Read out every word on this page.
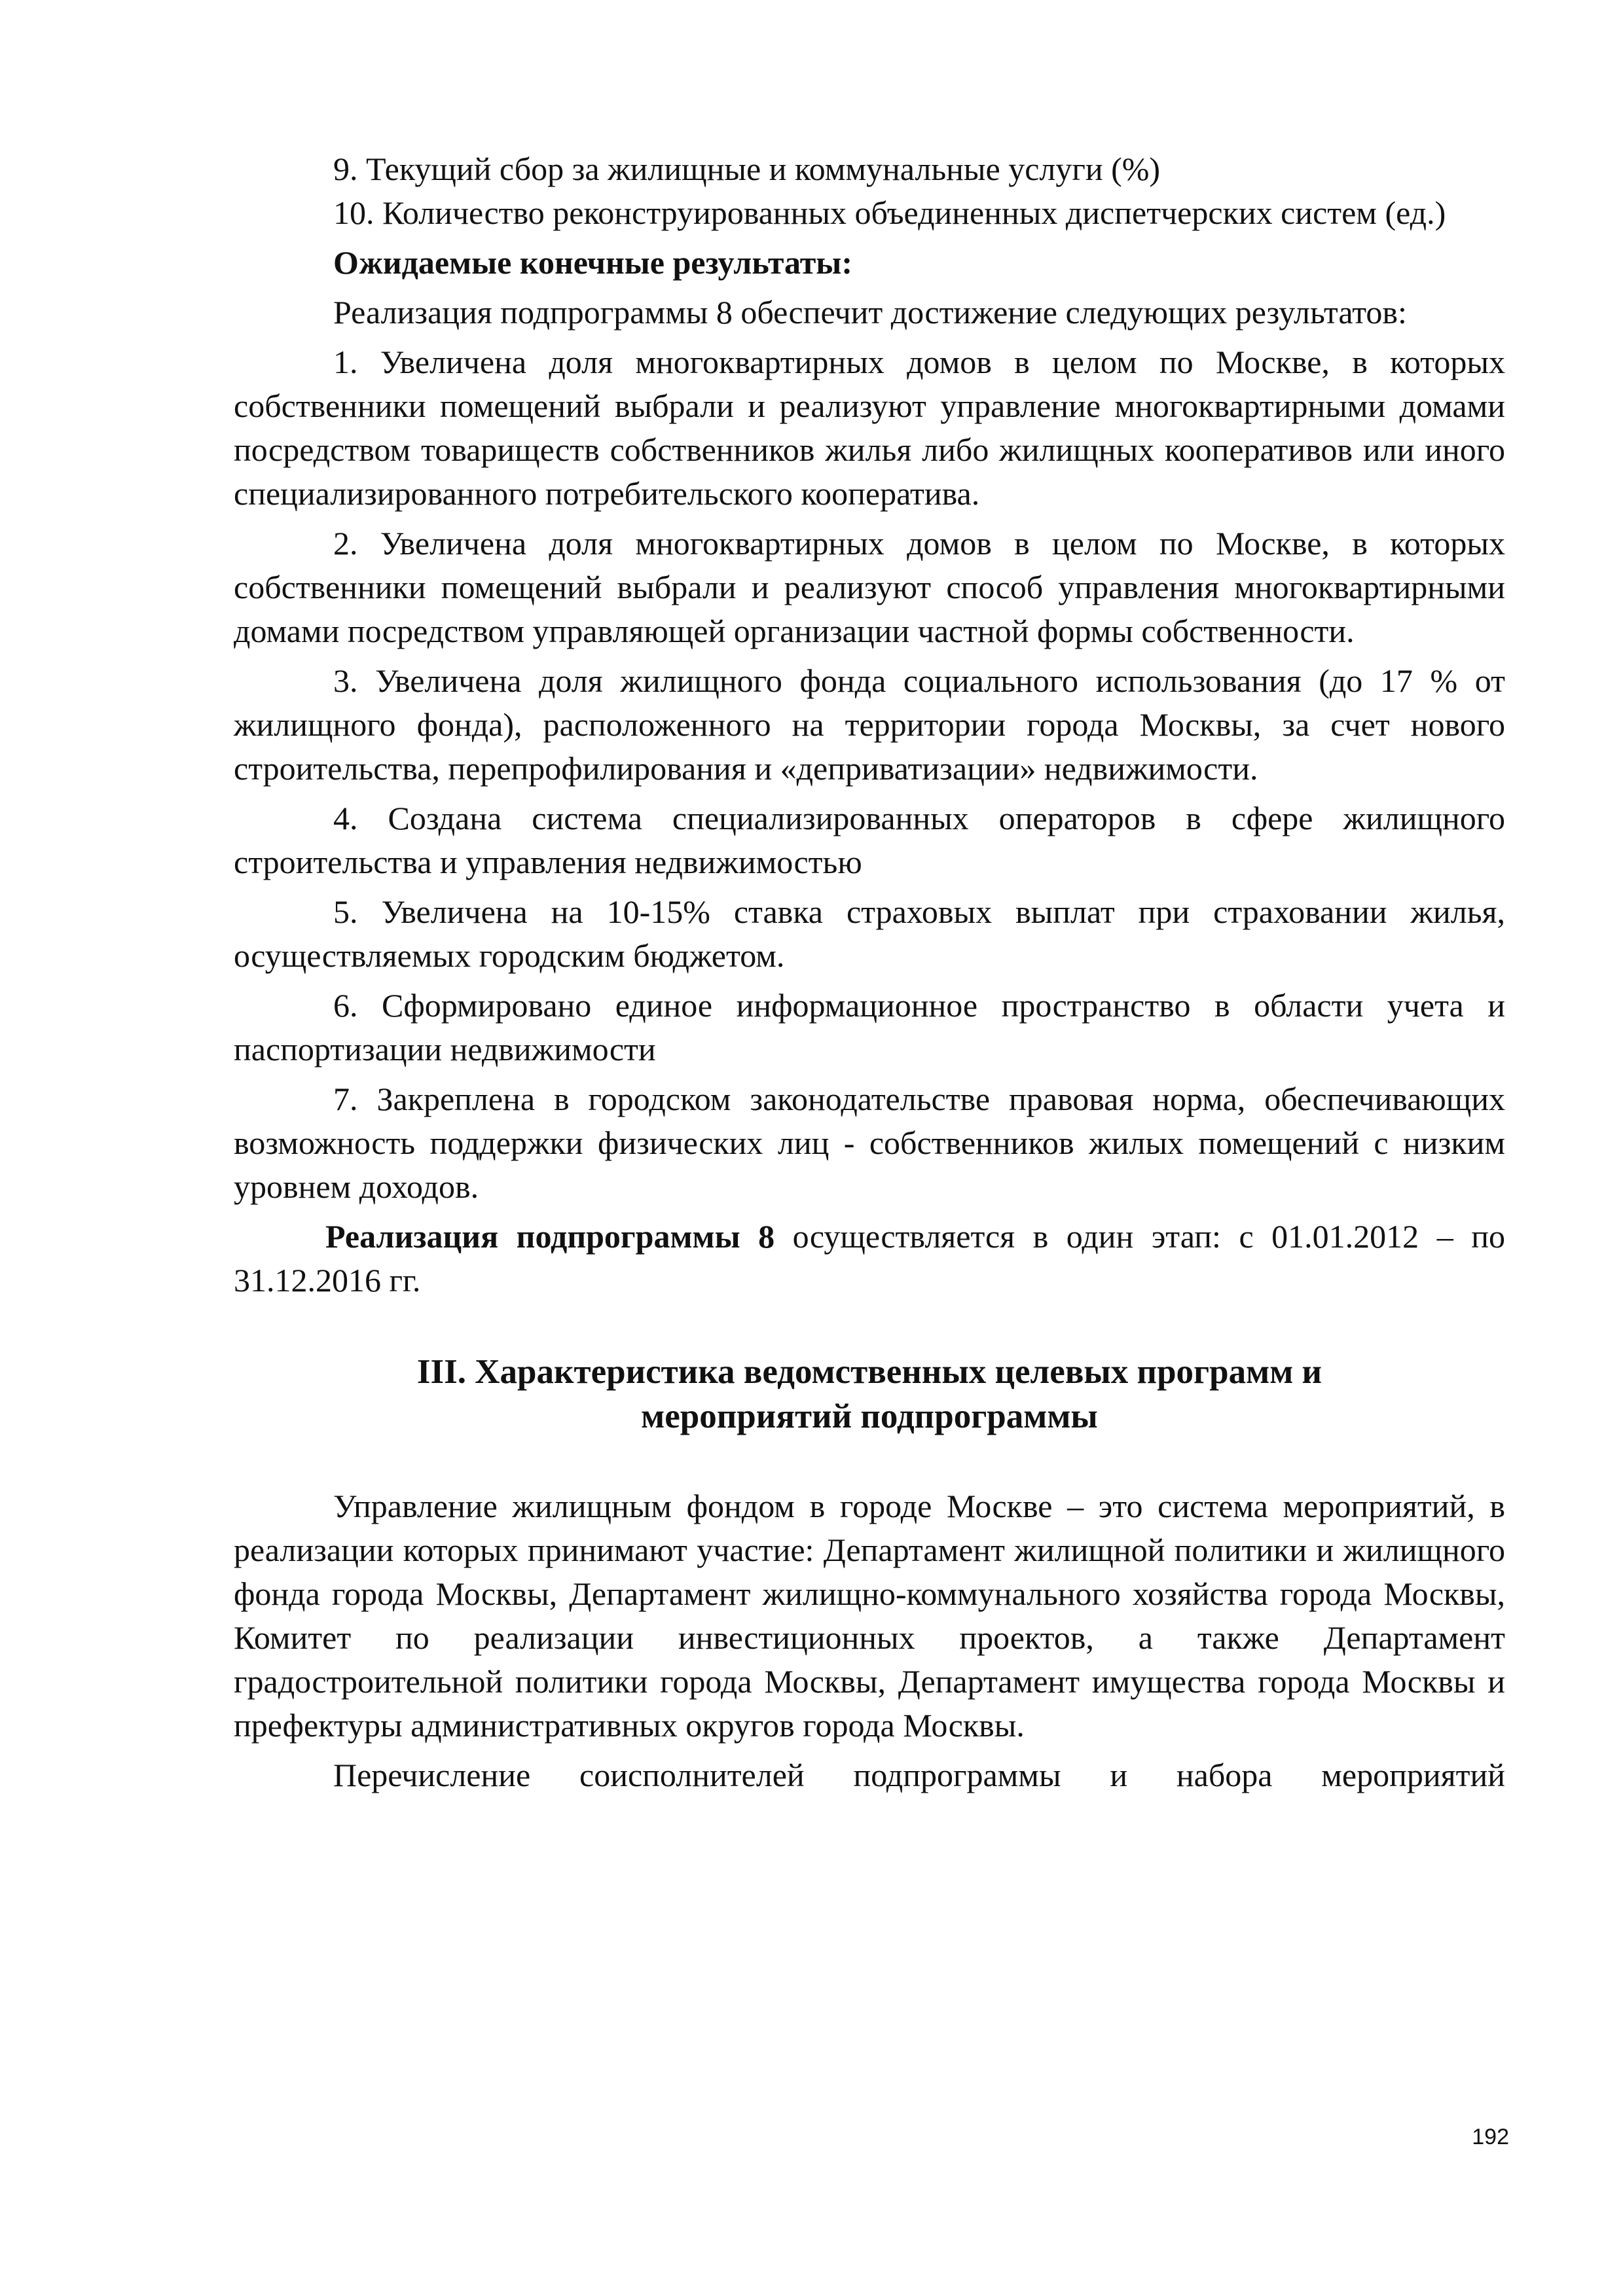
9. Текущий сбор за жилищные и коммунальные услуги (%)

10. Количество реконструированных объединенных диспетчерских систем (ед.)

Ожидаемые конечные результаты:

Реализация подпрограммы 8 обеспечит достижение следующих результатов:

1. Увеличена доля многоквартирных домов в целом по Москве, в которых собственники помещений выбрали и реализуют управление многоквартирными домами посредством товариществ собственников жилья либо жилищных кооперативов или иного специализированного потребительского кооператива.

2. Увеличена доля многоквартирных домов в целом по Москве, в которых собственники помещений выбрали и реализуют способ управления многоквартирными домами посредством управляющей организации частной формы собственности.

3. Увеличена доля жилищного фонда социального использования (до 17 % от жилищного фонда), расположенного на территории города Москвы, за счет нового строительства, перепрофилирования и «деприватизации» недвижимости.

4. Создана система специализированных операторов в сфере жилищного строительства и управления недвижимостью

5. Увеличена на 10-15% ставка страховых выплат при страховании жилья, осуществляемых городским бюджетом.

6. Сформировано единое информационное пространство в области учета и паспортизации недвижимости

7. Закреплена в городском законодательстве правовая норма, обеспечивающих возможность поддержки физических лиц - собственников жилых помещений с низким уровнем доходов.

Реализация подпрограммы 8 осуществляется в один этап: с 01.01.2012 – по 31.12.2016 гг.

III. Характеристика ведомственных целевых программ и
мероприятий подпрограммы

Управление жилищным фондом в городе Москве – это система мероприятий, в реализации которых принимают участие: Департамент жилищной политики и жилищного фонда города Москвы, Департамент жилищно-коммунального хозяйства города Москвы, Комитет по реализации инвестиционных проектов, а также Департамент градостроительной политики города Москвы, Департамент имущества города Москвы и префектуры административных округов города Москвы.

Перечисление соисполнителей подпрограммы и набора мероприятий

192
